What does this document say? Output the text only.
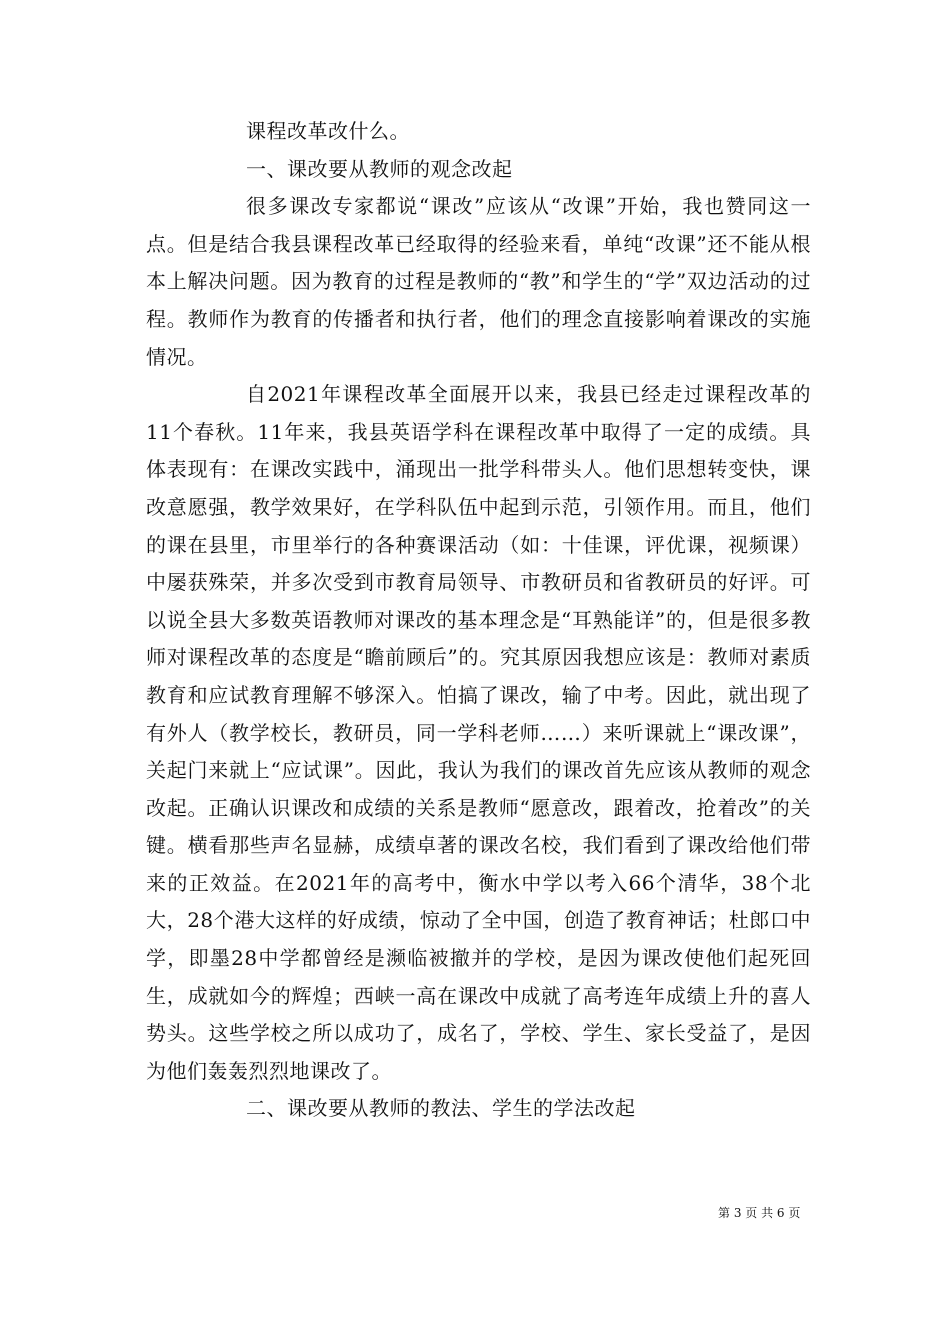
课程改革改什么。

一、课改要从教师的观念改起

很多课改专家都说“课改”应该从“改课”开始，我也赞同这一点。但是结合我县课程改革已经取得的经验来看，单纯“改课”还不能从根本上解决问题。因为教育的过程是教师的“教”和学生的“学”双边活动的过程。教师作为教育的传播者和执行者，他们的理念直接影响着课改的实施情况。

自2021年课程改革全面展开以来，我县已经走过课程改革的11个春秋。11年来，我县英语学科在课程改革中取得了一定的成绩。具体表现有：在课改实践中，涌现出一批学科带头人。他们思想转变快，课改意愿强，教学效果好，在学科队伍中起到示范，引领作用。而且，他们的课在县里，市里举行的各种赛课活动（如：十佳课，评优课，视频课）中屡获殊荣，并多次受到市教育局领导、市教研员和省教研员的好评。可以说全县大多数英语教师对课改的基本理念是“耳熟能详”的，但是很多教师对课程改革的态度是“瞻前顾后”的。究其原因我想应该是：教师对素质教育和应试教育理解不够深入。怕搞了课改，输了中考。因此，就出现了有外人（教学校长，教研员，同一学科老师……）来听课就上“课改课”，关起门来就上“应试课”。因此，我认为我们的课改首先应该从教师的观念改起。正确认识课改和成绩的关系是教师“愿意改，跟着改，抢着改”的关键。横看那些声名显赫，成绩卓著的课改名校，我们看到了课改给他们带来的正效益。在2021年的高考中，衡水中学以考入66个清华，38个北大，28个港大这样的好成绩，惊动了全中国，创造了教育神话；杜郎口中学，即墨28中学都曾经是濒临被撤并的学校，是因为课改使他们起死回生，成就如今的辉煌；西峡一高在课改中成就了高考连年成绩上升的喜人势头。这些学校之所以成功了，成名了，学校、学生、家长受益了，是因为他们轰轰烈烈地课改了。

二、课改要从教师的教法、学生的学法改起

第 3 页 共 6 页
